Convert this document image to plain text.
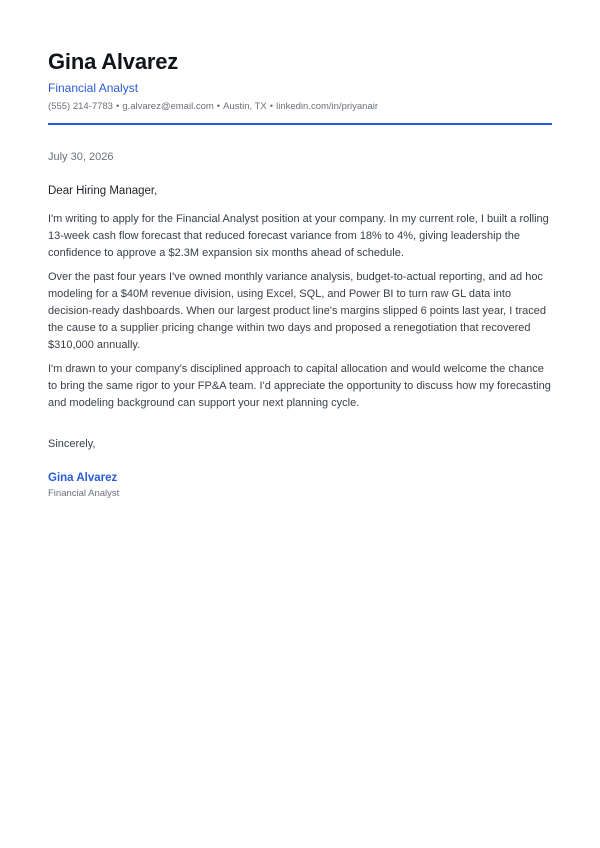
Gina Alvarez
Financial Analyst
(555) 214-7783 • g.alvarez@email.com • Austin, TX • linkedin.com/in/priyanair
July 30, 2026
Dear Hiring Manager,

I'm writing to apply for the Financial Analyst position at your company. In my current role, I built a rolling 13-week cash flow forecast that reduced forecast variance from 18% to 4%, giving leadership the confidence to approve a $2.3M expansion six months ahead of schedule.

Over the past four years I've owned monthly variance analysis, budget-to-actual reporting, and ad hoc modeling for a $40M revenue division, using Excel, SQL, and Power BI to turn raw GL data into decision-ready dashboards. When our largest product line's margins slipped 6 points last year, I traced the cause to a supplier pricing change within two days and proposed a renegotiation that recovered $310,000 annually.

I'm drawn to your company's disciplined approach to capital allocation and would welcome the chance to bring the same rigor to your FP&A team. I'd appreciate the opportunity to discuss how my forecasting and modeling background can support your next planning cycle.

Sincerely,
Gina Alvarez
Financial Analyst
